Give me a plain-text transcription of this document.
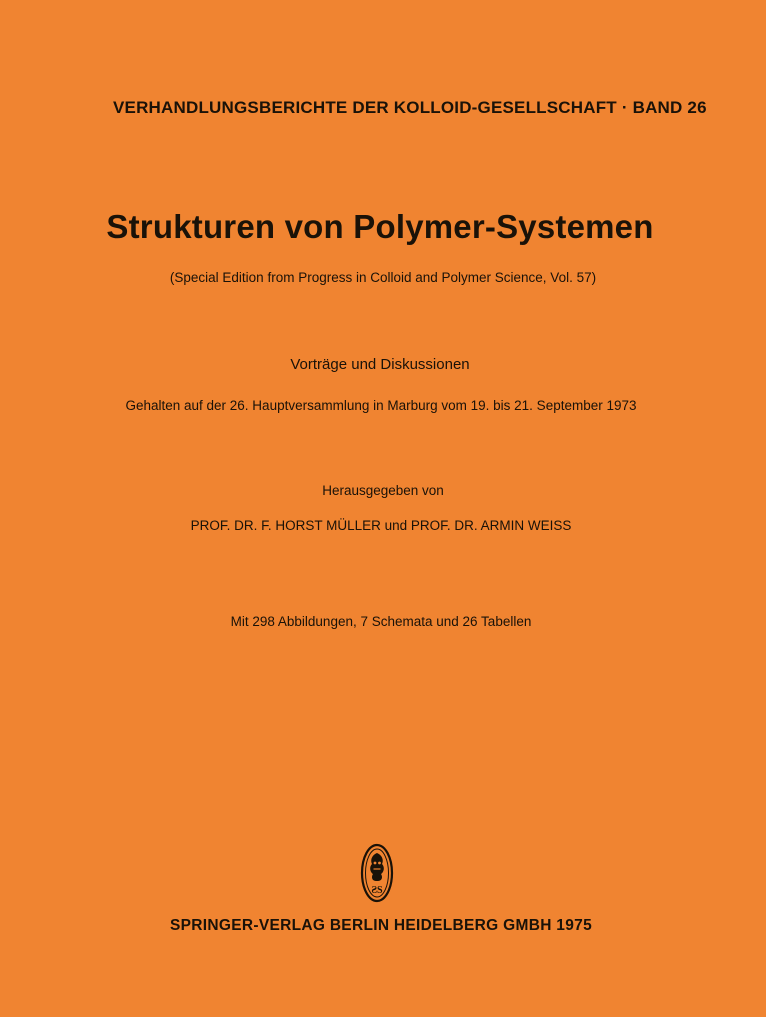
VERHANDLUNGSBERICHTE DER KOLLOID-GESELLSCHAFT · BAND 26
Strukturen von Polymer-Systemen
(Special Edition from Progress in Colloid and Polymer Science, Vol. 57)
Vorträge und Diskussionen
Gehalten auf der 26. Hauptversammlung in Marburg vom 19. bis 21. September 1973
Herausgegeben von
PROF. DR. F. HORST MÜLLER und PROF. DR. ARMIN WEISS
Mit 298 Abbildungen, 7 Schemata und 26 Tabellen
ƧS
SPRINGER-VERLAG BERLIN HEIDELBERG GMBH 1975
